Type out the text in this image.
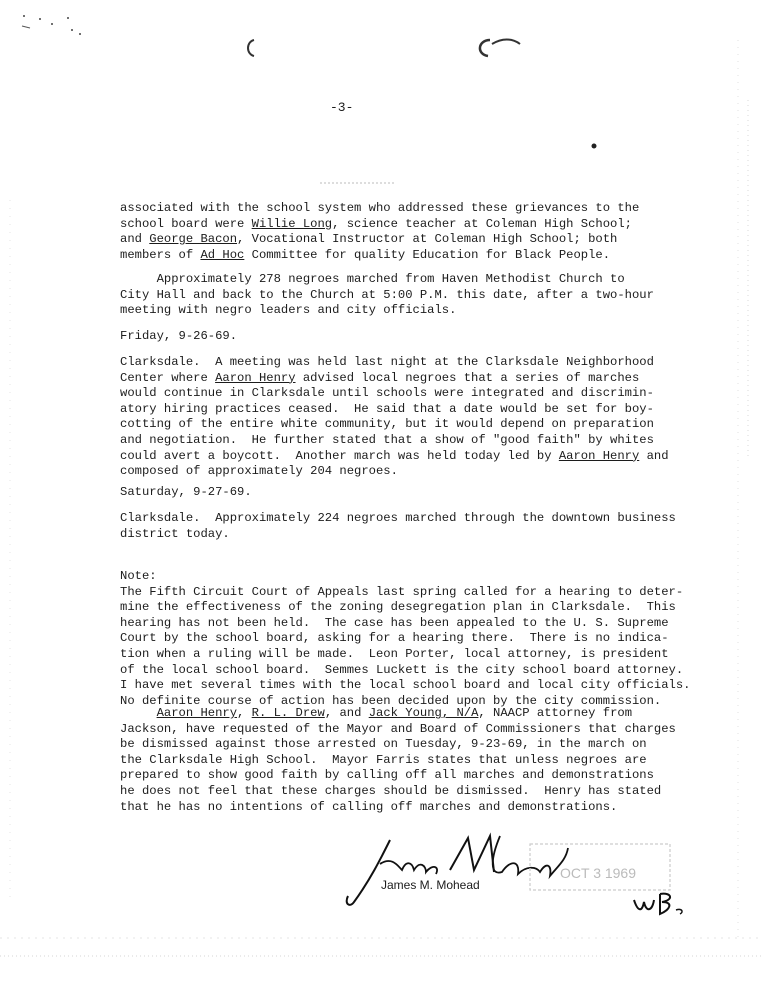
-3-
associated with the school system who addressed these grievances to the
school board were Willie Long, science teacher at Coleman High School;
and George Bacon, Vocational Instructor at Coleman High School; both
members of Ad Hoc Committee for quality Education for Black People.
Approximately 278 negroes marched from Haven Methodist Church to
City Hall and back to the Church at 5:00 P.M. this date, after a two-hour
meeting with negro leaders and city officials.
Friday, 9-26-69.
Clarksdale.  A meeting was held last night at the Clarksdale Neighborhood
Center where Aaron Henry advised local negroes that a series of marches
would continue in Clarksdale until schools were integrated and discrimin-
atory hiring practices ceased.  He said that a date would be set for boy-
cotting of the entire white community, but it would depend on preparation
and negotiation.  He further stated that a show of "good faith" by whites
could avert a boycott.  Another march was held today led by Aaron Henry and
composed of approximately 204 negroes.
Saturday, 9-27-69.
Clarksdale.  Approximately 224 negroes marched through the downtown business
district today.
Note:
The Fifth Circuit Court of Appeals last spring called for a hearing to deter-
mine the effectiveness of the zoning desegregation plan in Clarksdale.  This
hearing has not been held.  The case has been appealed to the U. S. Supreme
Court by the school board, asking for a hearing there.  There is no indica-
tion when a ruling will be made.  Leon Porter, local attorney, is president
of the local school board.  Semmes Luckett is the city school board attorney.
I have met several times with the local school board and local city officials.
No definite course of action has been decided upon by the city commission.
Aaron Henry, R. L. Drew, and Jack Young, N/A, NAACP attorney from
Jackson, have requested of the Mayor and Board of Commissioners that charges
be dismissed against those arrested on Tuesday, 9-23-69, in the march on
the Clarksdale High School.  Mayor Farris states that unless negroes are
prepared to show good faith by calling off all marches and demonstrations
he does not feel that these charges should be dismissed.  Henry has stated
that he has no intentions of calling off marches and demonstrations.
James M. Mohead
OCT 3 1969
